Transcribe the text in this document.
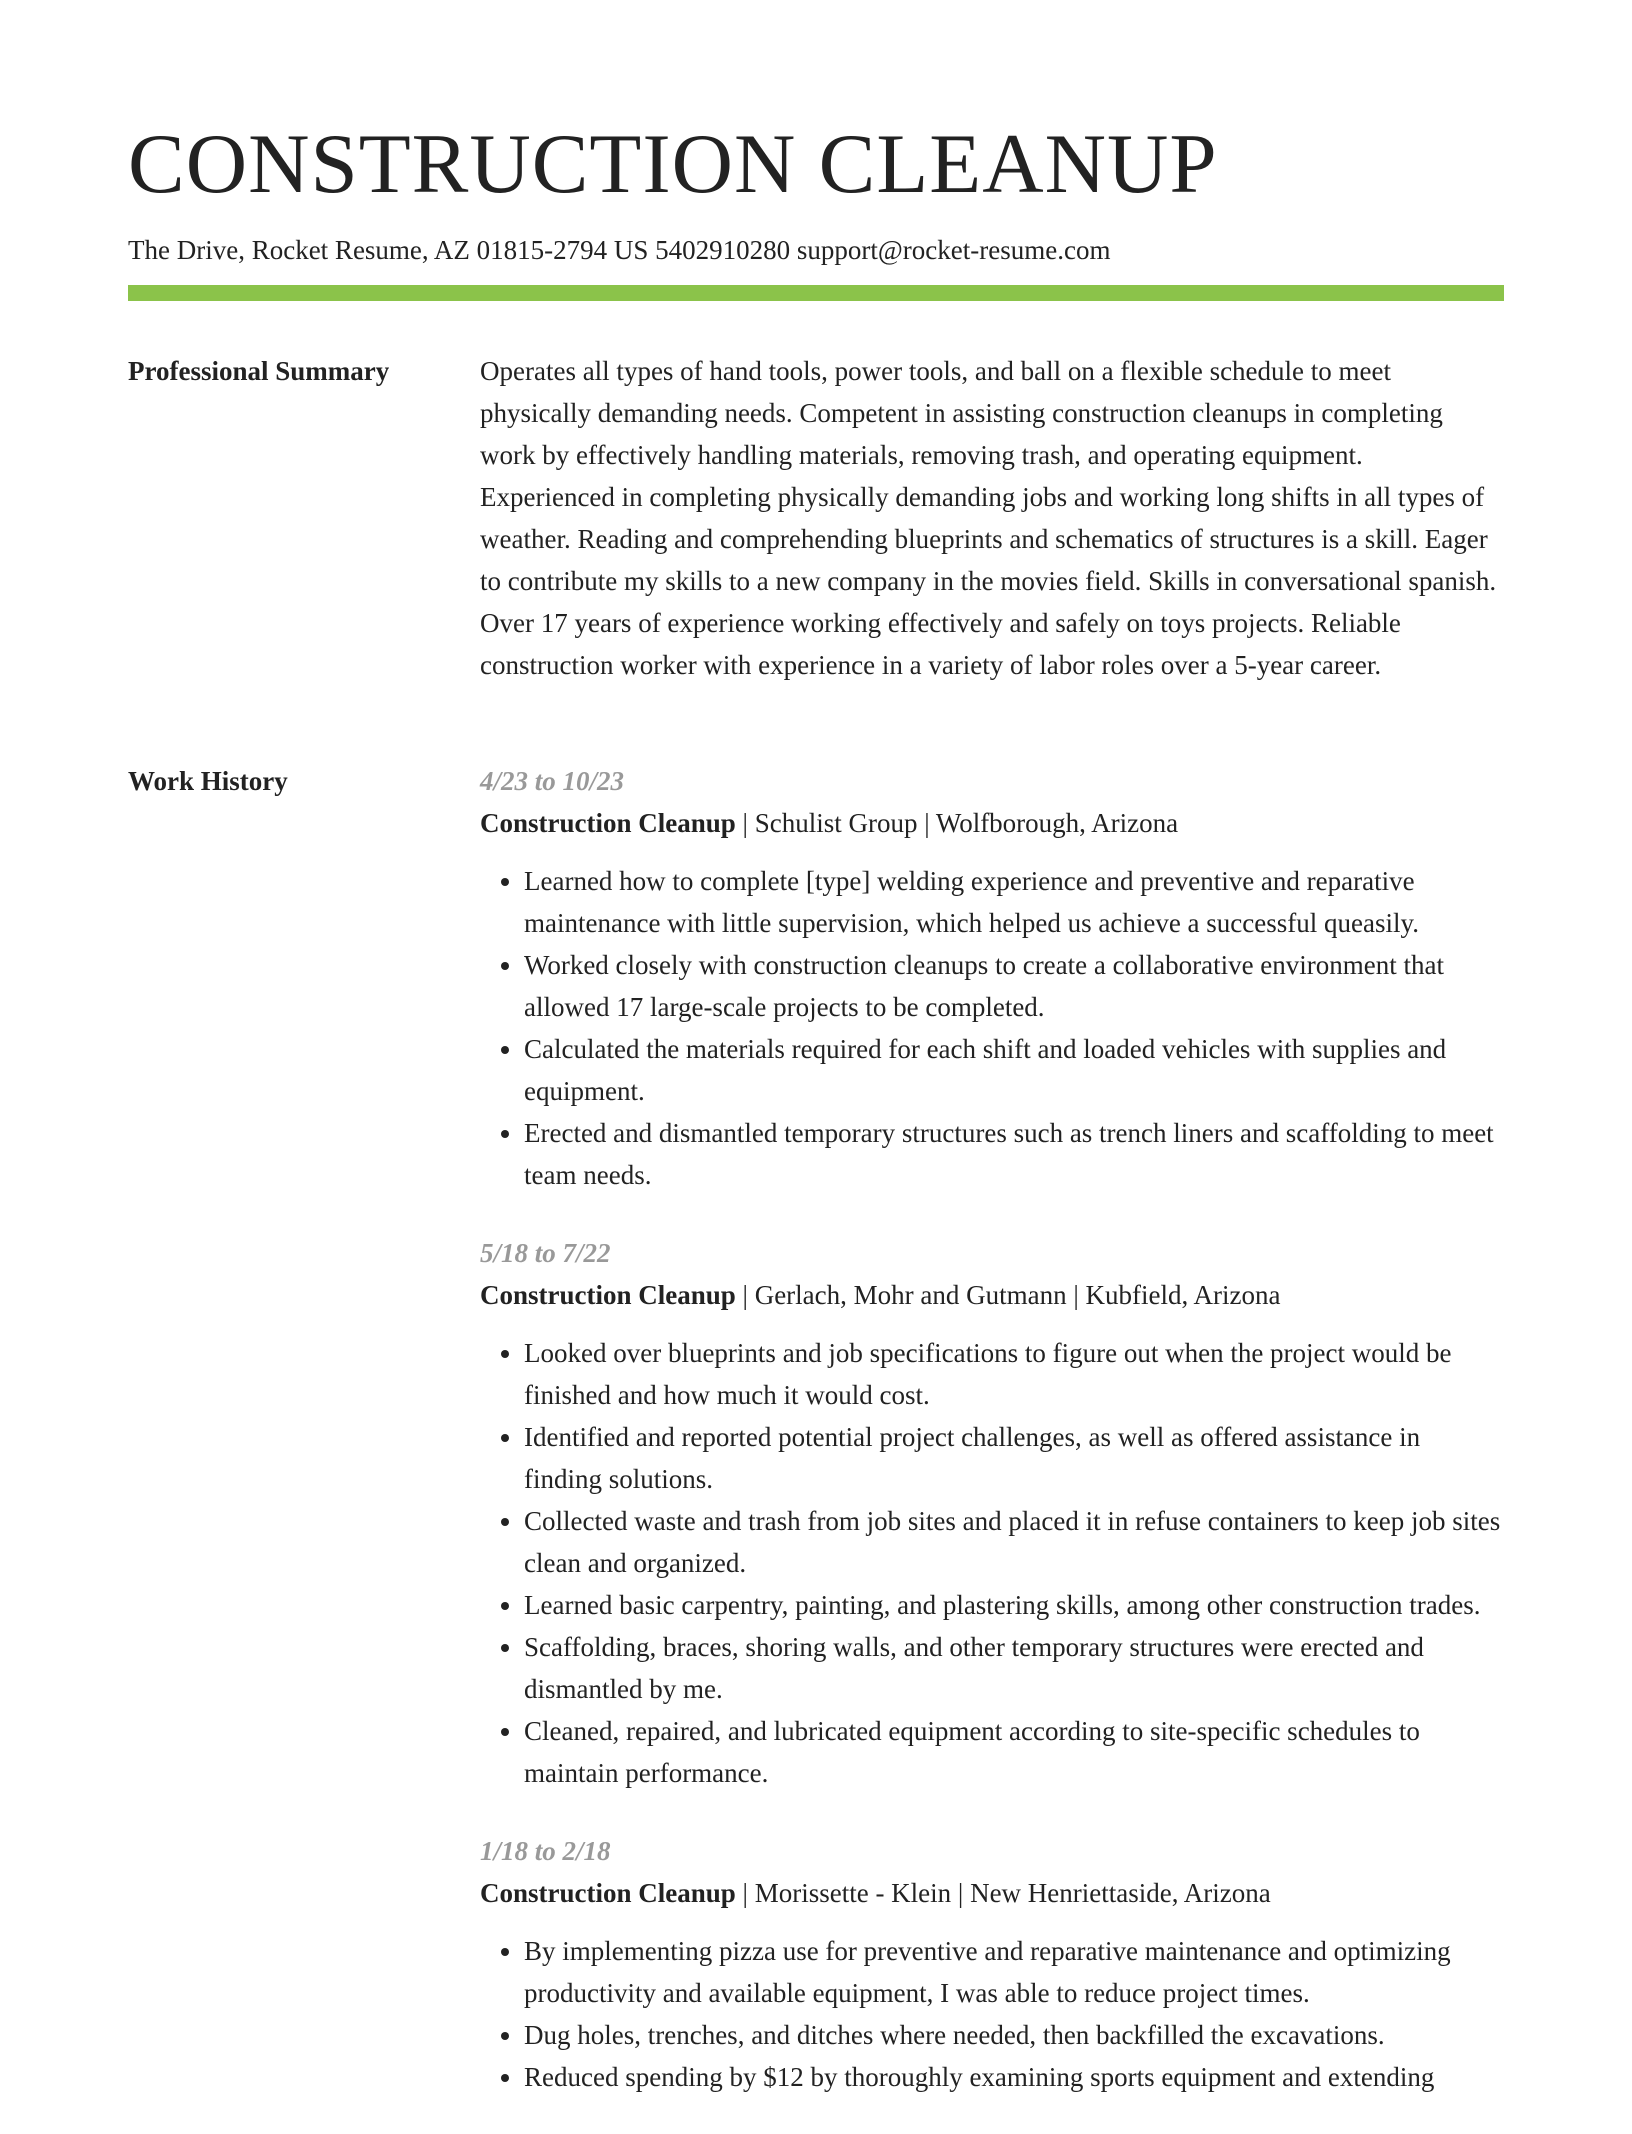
CONSTRUCTION CLEANUP
The Drive, Rocket Resume, AZ 01815-2794 US 5402910280 support@rocket-resume.com
Professional Summary	Operates all types of hand tools, power tools, and ball on a flexible schedule to meet physically demanding needs. Competent in assisting construction cleanups in completing work by effectively handling materials, removing trash, and operating equipment. Experienced in completing physically demanding jobs and working long shifts in all types of weather. Reading and comprehending blueprints and schematics of structures is a skill. Eager to contribute my skills to a new company in the movies field. Skills in conversational spanish. Over 17 years of experience working effectively and safely on toys projects. Reliable construction worker with experience in a variety of labor roles over a 5-year career.

Work History	4/23 to 10/23
Construction Cleanup | Schulist Group | Wolfborough, Arizona
• Learned how to complete [type] welding experience and preventive and reparative maintenance with little supervision, which helped us achieve a successful queasily.
• Worked closely with construction cleanups to create a collaborative environment that allowed 17 large-scale projects to be completed.
• Calculated the materials required for each shift and loaded vehicles with supplies and equipment.
• Erected and dismantled temporary structures such as trench liners and scaffolding to meet team needs.
5/18 to 7/22
Construction Cleanup | Gerlach, Mohr and Gutmann | Kubfield, Arizona
• Looked over blueprints and job specifications to figure out when the project would be finished and how much it would cost.
• Identified and reported potential project challenges, as well as offered assistance in finding solutions.
• Collected waste and trash from job sites and placed it in refuse containers to keep job sites clean and organized.
• Learned basic carpentry, painting, and plastering skills, among other construction trades.
• Scaffolding, braces, shoring walls, and other temporary structures were erected and dismantled by me.
• Cleaned, repaired, and lubricated equipment according to site-specific schedules to maintain performance.
1/18 to 2/18
Construction Cleanup | Morissette - Klein | New Henriettaside, Arizona
• By implementing pizza use for preventive and reparative maintenance and optimizing productivity and available equipment, I was able to reduce project times.
• Dug holes, trenches, and ditches where needed, then backfilled the excavations.
• Reduced spending by $12 by thoroughly examining sports equipment and extending
